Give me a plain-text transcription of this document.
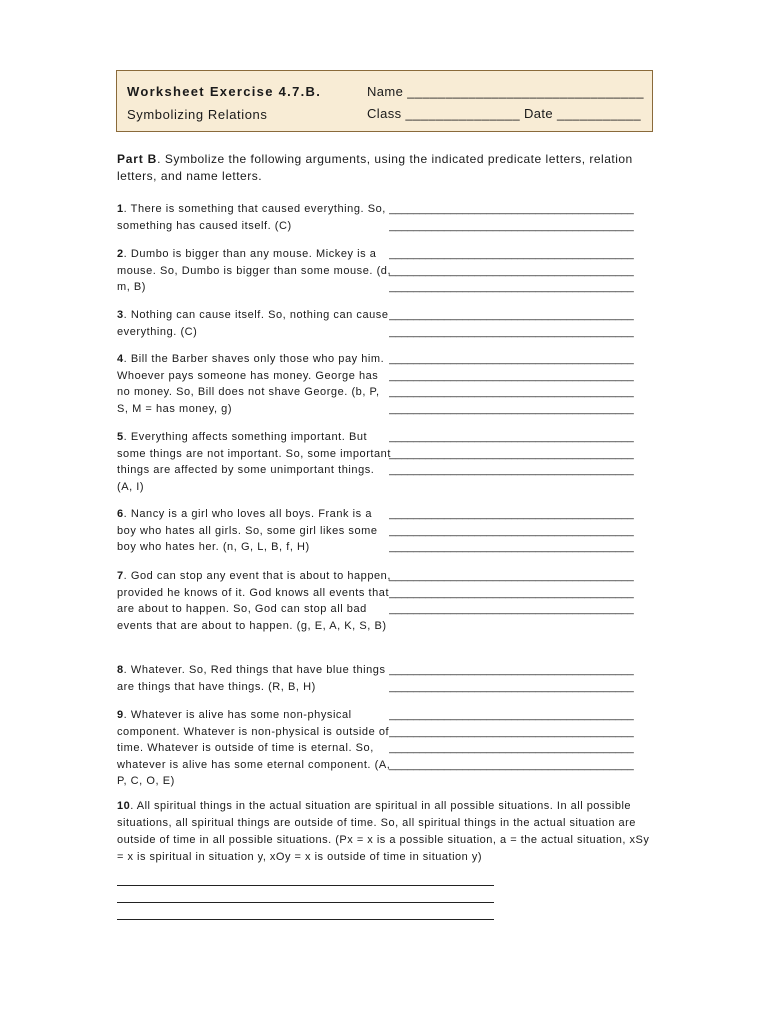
Worksheet Exercise 4.7.B.
Symbolizing Relations
Name _______________________________
Class _______________ Date ___________
Part B. Symbolize the following arguments, using the indicated predicate letters, relation letters, and name letters.
1. There is something that caused everything. So, something has caused itself. (C)
________________________________________
________________________________________
2. Dumbo is bigger than any mouse. Mickey is a mouse. So, Dumbo is bigger than some mouse. (d, m, B)
________________________________________
________________________________________
________________________________________
3. Nothing can cause itself. So, nothing can cause everything. (C)
________________________________________
________________________________________
4. Bill the Barber shaves only those who pay him. Whoever pays someone has money. George has no money. So, Bill does not shave George. (b, P, S, M = has money, g)
________________________________________
________________________________________
________________________________________
________________________________________
5. Everything affects something important. But some things are not important. So, some important things are affected by some unimportant things. (A, I)
________________________________________
________________________________________
________________________________________
6. Nancy is a girl who loves all boys. Frank is a boy who hates all girls. So, some girl likes some boy who hates her. (n, G, L, B, f, H)
________________________________________
________________________________________
________________________________________
7. God can stop any event that is about to happen, provided he knows of it. God knows all events that are about to happen. So, God can stop all bad events that are about to happen. (g, E, A, K, S, B)
________________________________________
________________________________________
________________________________________
8. Whatever. So, Red things that have blue things are things that have things. (R, B, H)
________________________________________
________________________________________
9. Whatever is alive has some non-physical component. Whatever is non-physical is outside of time. Whatever is outside of time is eternal. So, whatever is alive has some eternal component. (A, P, C, O, E)
________________________________________
________________________________________
________________________________________
________________________________________
10. All spiritual things in the actual situation are spiritual in all possible situations. In all possible situations, all spiritual things are outside of time. So, all spiritual things in the actual situation are outside of time in all possible situations. (Px = x is a possible situation, a = the actual situation, xSy = x is spiritual in situation y, xOy = x is outside of time in situation y)
